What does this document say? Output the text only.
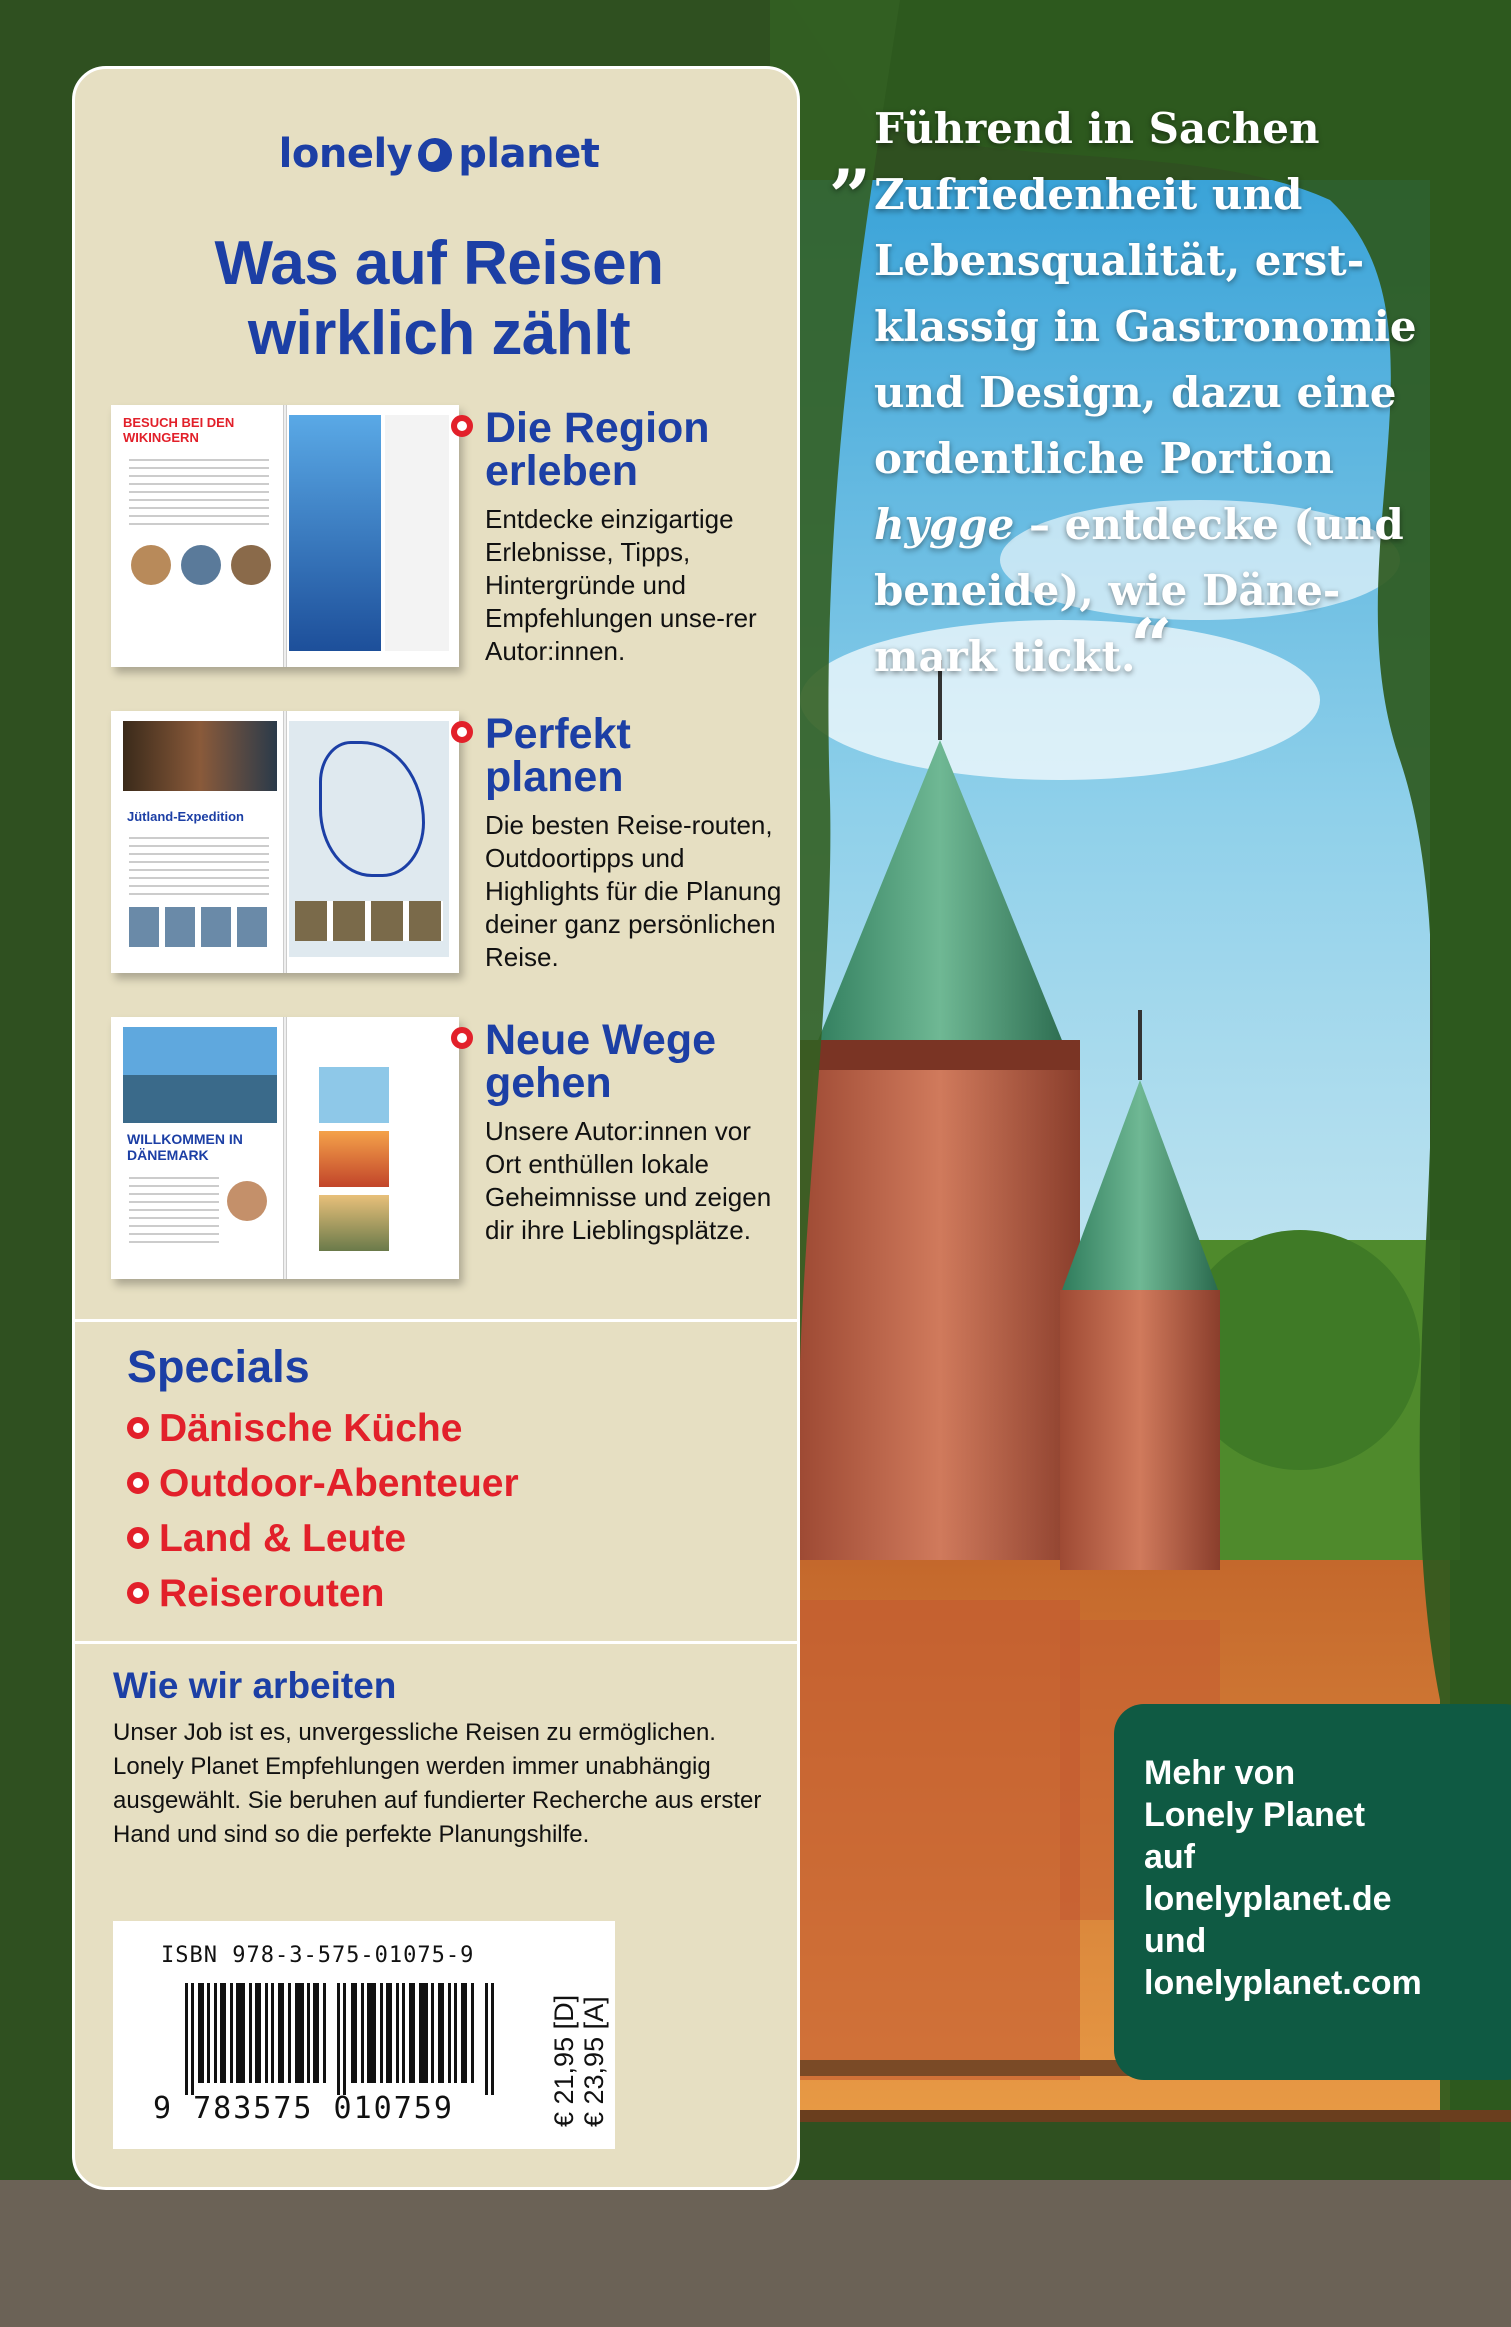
lonely planet
Was auf Reisen
wirklich zählt
BESUCH BEI DEN WIKINGERN	Die Region
erleben
Entdecke einzigartige Erlebnisse, Tipps, Hintergründe und Empfehlungen unse-rer Autor:innen.
Jütland-Expedition
Perfekt
planen
Die besten Reise-routen, Outdoortipps und Highlights für die Planung deiner ganz persönlichen Reise.
WILLKOMMEN IN DÄNEMARK
Neue Wege
gehen
Unsere Autor:innen vor Ort enthüllen lokale Geheimnisse und zeigen dir ihre Lieblingsplätze.
Specials
Dänische Küche
Outdoor-Abenteuer
Land & Leute
Reiserouten
Wie wir arbeiten
Unser Job ist es, unvergessliche Reisen zu ermöglichen. Lonely Planet Empfehlungen werden immer unabhängig ausgewählt. Sie beruhen auf fundierter Recherche aus erster Hand und sind so die perfekte Planungshilfe.
ISBN 978-3-575-01075-9
9 783575 010759	€ 21,95 [D] € 23,95 [A]
„ Führend in Sachen Zufriedenheit und Lebensqualität, erst-klassig in Gastronomie und Design, dazu eine ordentliche Portion hygge – entdecke (und beneide), wie Däne-mark tickt.
“
Mehr von
Lonely Planet
auf
lonelyplanet.de
und
lonelyplanet.com
